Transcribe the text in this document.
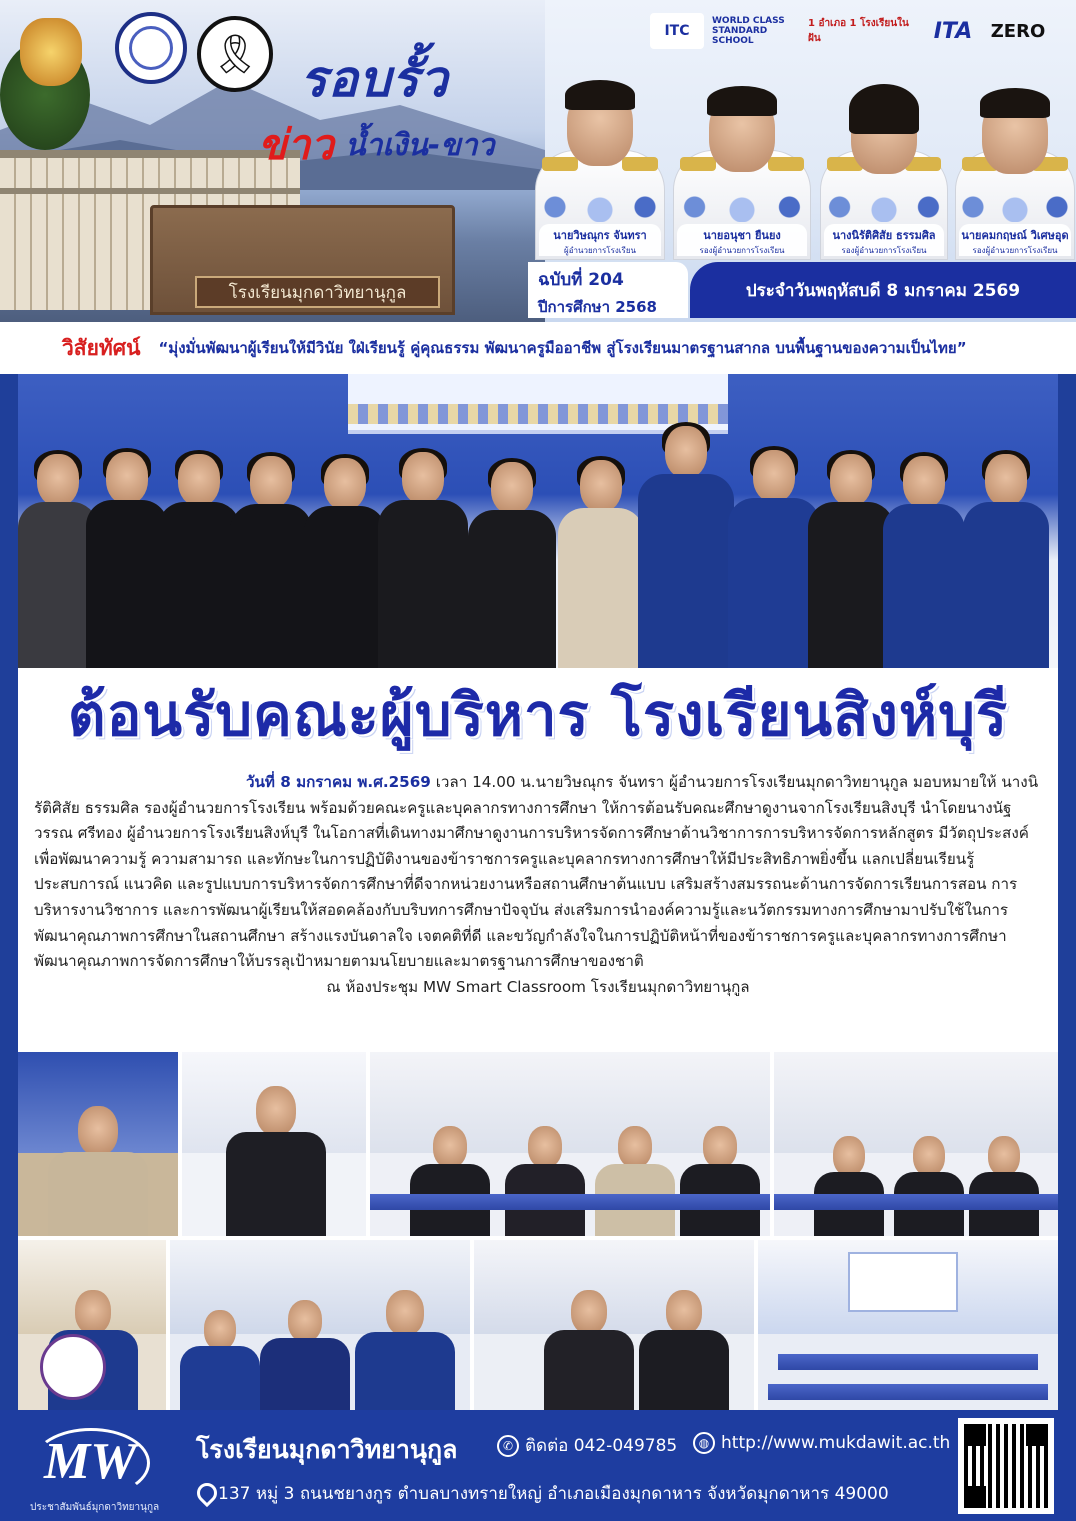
โรงเรียนมุกดาวิทยานุกูล
🎗 รอบรั้ว
ข่าว น้ำเงิน-ขาว
ITC
WORLD CLASS STANDARD SCHOOL
1 อำเภอ 1 โรงเรียนในฝัน	ITA	ZERO
นายวิษณุกร จันทรา
ผู้อำนวยการโรงเรียน
นายอนุชา ยืนยง
รองผู้อำนวยการโรงเรียน
นางนิรัติศิสัย ธรรมศิล
รองผู้อำนวยการโรงเรียน
นายคมกฤษณ์ วิเศษอุด
รองผู้อำนวยการโรงเรียน
ฉบับที่ 204
ปีการศึกษา 2568
ประจำวันพฤหัสบดี 8 มกราคม 2569
วิสัยทัศน์ “มุ่งมั่นพัฒนาผู้เรียนให้มีวินัย ใฝ่เรียนรู้ คู่คุณธรรม พัฒนาครูมืออาชีพ สู่โรงเรียนมาตรฐานสากล บนพื้นฐานของความเป็นไทย”
ต้อนรับคณะผู้บริหาร โรงเรียนสิงห์บุรี

วันที่ 8 มกราคม พ.ศ.2569 เวลา 14.00 น.นายวิษณุกร จันทรา ผู้อำนวยการโรงเรียนมุกดาวิทยานุกูล มอบหมายให้ นางนิรัติศิสัย ธรรมศิล รองผู้อำนวยการโรงเรียน พร้อมด้วยคณะครูและบุคลากรทางการศึกษา ให้การต้อนรับคณะศึกษาดูงานจากโรงเรียนสิงบุรี นำโดยนางนัฐวรรณ ศรีทอง ผู้อำนวยการโรงเรียนสิงห์บุรี ในโอกาสที่เดินทางมาศึกษาดูงานการบริหารจัดการศึกษาด้านวิชาการการบริหารจัดการหลักสูตร มีวัตถุประสงค์เพื่อพัฒนาความรู้ ความสามารถ และทักษะในการปฏิบัติงานของข้าราชการครูและบุคลากรทางการศึกษาให้มีประสิทธิภาพยิ่งขึ้น แลกเปลี่ยนเรียนรู้ประสบการณ์ แนวคิด และรูปแบบการบริหารจัดการศึกษาที่ดีจากหน่วยงานหรือสถานศึกษาต้นแบบ เสริมสร้างสมรรถนะด้านการจัดการเรียนการสอน การบริหารงานวิชาการ และการพัฒนาผู้เรียนให้สอดคล้องกับบริบทการศึกษาปัจจุบัน ส่งเสริมการนำองค์ความรู้และนวัตกรรมทางการศึกษามาปรับใช้ในการพัฒนาคุณภาพการศึกษาในสถานศึกษา สร้างแรงบันดาลใจ เจตคติที่ดี และขวัญกำลังใจในการปฏิบัติหน้าที่ของข้าราชการครูและบุคลากรทางการศึกษาพัฒนาคุณภาพการจัดการศึกษาให้บรรลุเป้าหมายตามนโยบายและมาตรฐานการศึกษาของชาติ

ณ ห้องประชุม MW Smart Classroom โรงเรียนมุกดาวิทยานุกูล
MW
ประชาสัมพันธ์มุกดาวิทยานุกูล
โรงเรียนมุกดาวิทยานุกูล	✆ ติดต่อ 042-049785	◍ http://www.mukdawit.ac.th
137 หมู่ 3 ถนนชยางกูร ตำบลบางทรายใหญ่ อำเภอเมืองมุกดาหาร จังหวัดมุกดาหาร 49000
